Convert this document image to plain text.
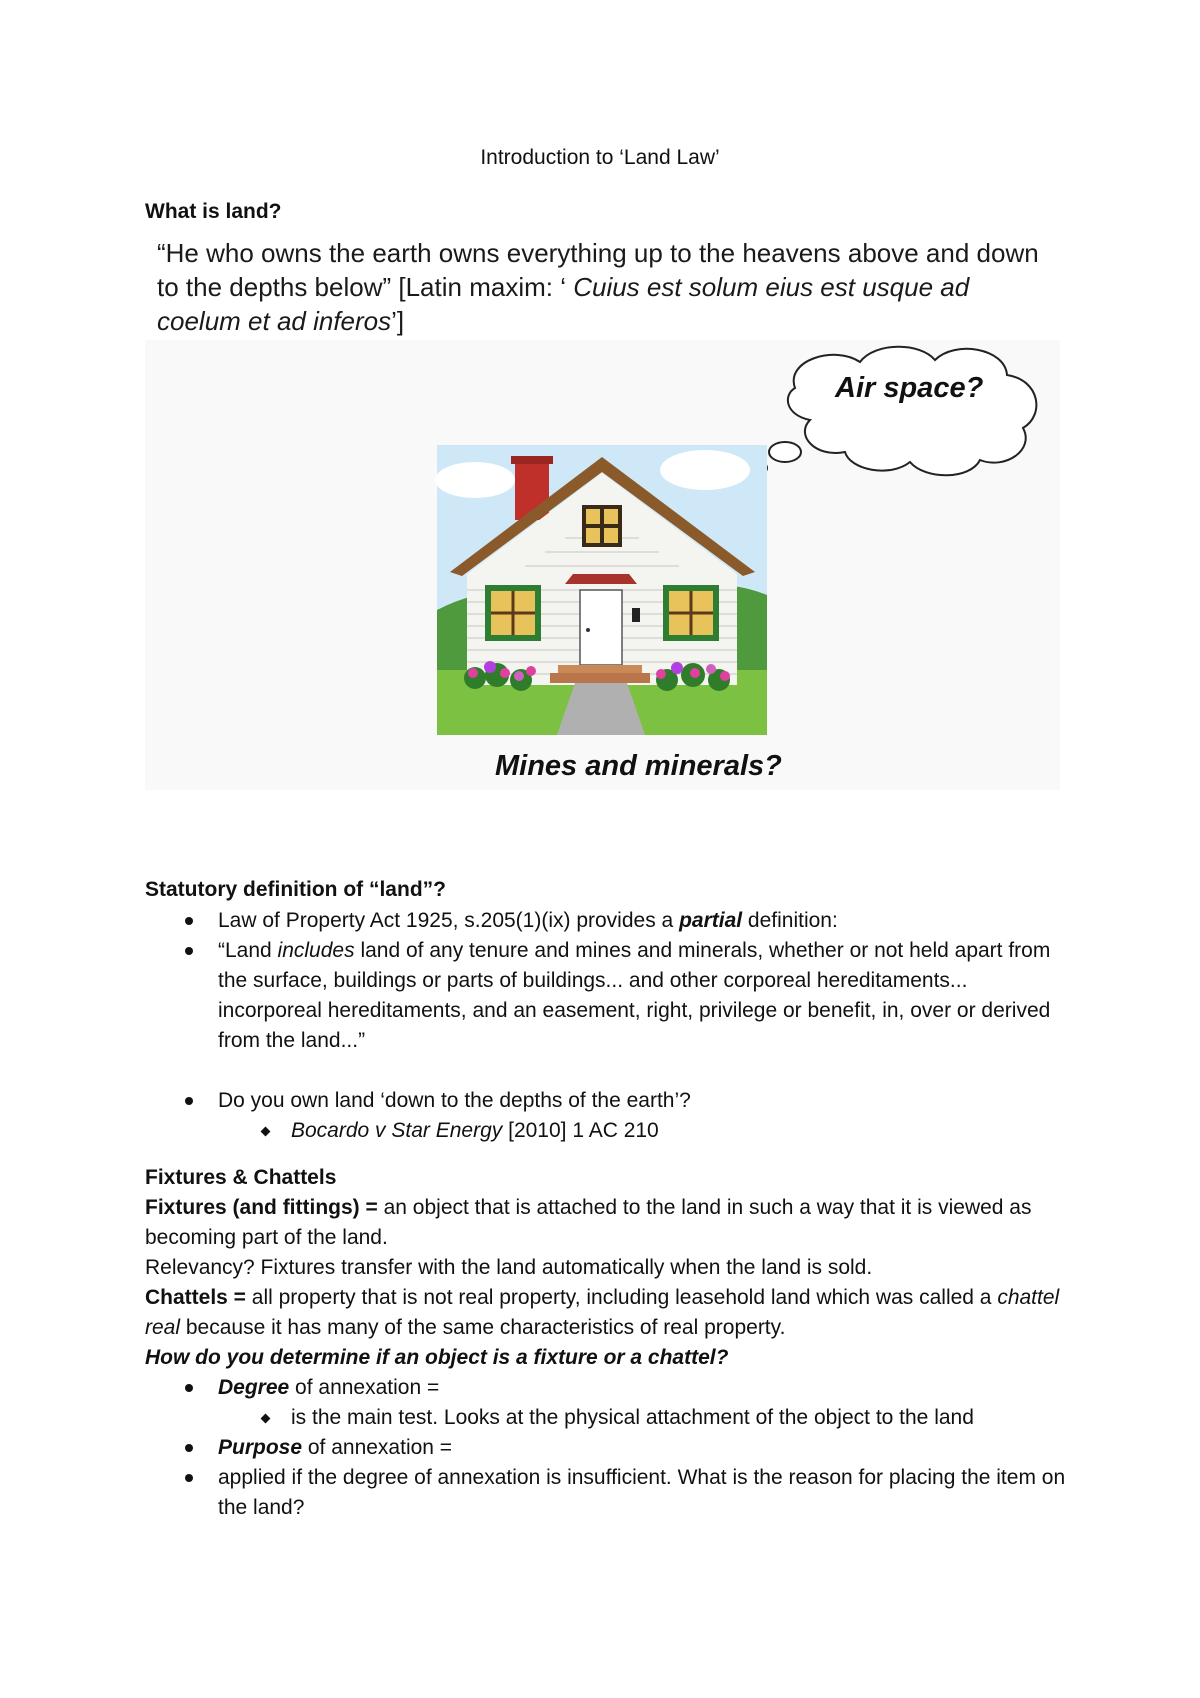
Introduction to ‘Land Law’
What is land?
“He who owns the earth owns everything up to the heavens above and down to the depths below” [Latin maxim: ‘ Cuius est solum eius est usque ad coelum et ad inferos’]
Air space?
Mines and minerals?
Statutory definition of “land”?
Law of Property Act 1925, s.205(1)(ix) provides a partial definition:
“Land includes land of any tenure and mines and minerals, whether or not held apart from the surface, buildings or parts of buildings... and other corporeal hereditaments... incorporeal hereditaments, and an easement, right, privilege or benefit, in, over or derived from the land...”
Do you own land ‘down to the depths of the earth’?
Bocardo v Star Energy [2010] 1 AC 210
Fixtures & Chattels
Fixtures (and fittings) = an object that is attached to the land in such a way that it is viewed as becoming part of the land.
Relevancy? Fixtures transfer with the land automatically when the land is sold.
Chattels = all property that is not real property, including leasehold land which was called a chattel real because it has many of the same characteristics of real property.
How do you determine if an object is a fixture or a chattel?
Degree of annexation =
is the main test. Looks at the physical attachment of the object to the land
Purpose of annexation =
applied if the degree of annexation is insufficient. What is the reason for placing the item on the land?
